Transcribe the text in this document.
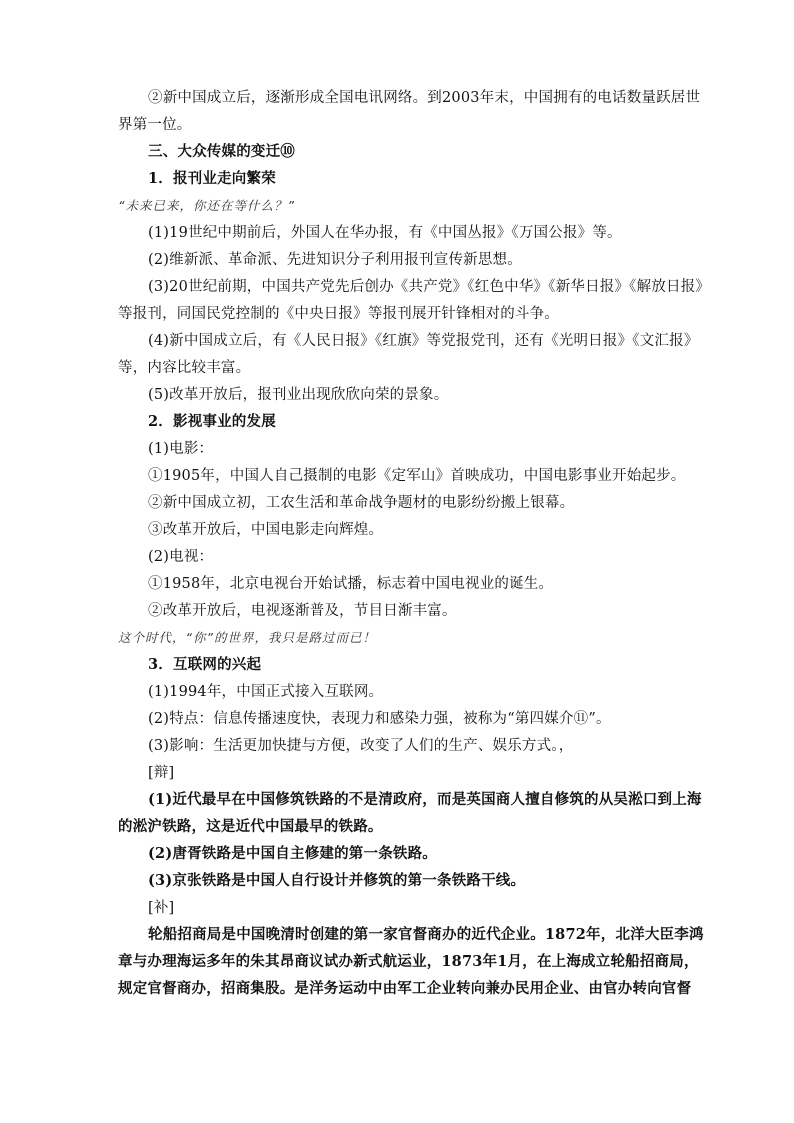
②新中国成立后，逐渐形成全国电讯网络。到2003年末，中国拥有的电话数量跃居世
界第一位。
三、大众传媒的变迁⑩
1．报刊业走向繁荣
“未来已来，你还在等什么？”
(1)19世纪中期前后，外国人在华办报，有《中国丛报》《万国公报》等。
(2)维新派、革命派、先进知识分子利用报刊宣传新思想。
(3)20世纪前期，中国共产党先后创办《共产党》《红色中华》《新华日报》《解放日报》
等报刊，同国民党控制的《中央日报》等报刊展开针锋相对的斗争。
(4)新中国成立后，有《人民日报》《红旗》等党报党刊，还有《光明日报》《文汇报》
等，内容比较丰富。
(5)改革开放后，报刊业出现欣欣向荣的景象。
2．影视事业的发展
(1)电影：
①1905年，中国人自己摄制的电影《定军山》首映成功，中国电影事业开始起步。
②新中国成立初，工农生活和革命战争题材的电影纷纷搬上银幕。
③改革开放后，中国电影走向辉煌。
(2)电视：
①1958年，北京电视台开始试播，标志着中国电视业的诞生。
②改革开放后，电视逐渐普及，节目日渐丰富。
这个时代，“你”的世界，我只是路过而已！
3．互联网的兴起
(1)1994年，中国正式接入互联网。
(2)特点：信息传播速度快，表现力和感染力强，被称为“第四媒介⑪”。
(3)影响：生活更加快捷与方便，改变了人们的生产、娱乐方式。，
[辩]
(1)近代最早在中国修筑铁路的不是清政府，而是英国商人擅自修筑的从吴淞口到上海
的淞沪铁路，这是近代中国最早的铁路。
(2)唐胥铁路是中国自主修建的第一条铁路。
(3)京张铁路是中国人自行设计并修筑的第一条铁路干线。
[补]
轮船招商局是中国晚清时创建的第一家官督商办的近代企业。1872年，北洋大臣李鸿
章与办理海运多年的朱其昂商议试办新式航运业，1873年1月，在上海成立轮船招商局，
规定官督商办，招商集股。是洋务运动中由军工企业转向兼办民用企业、由官办转向官督
